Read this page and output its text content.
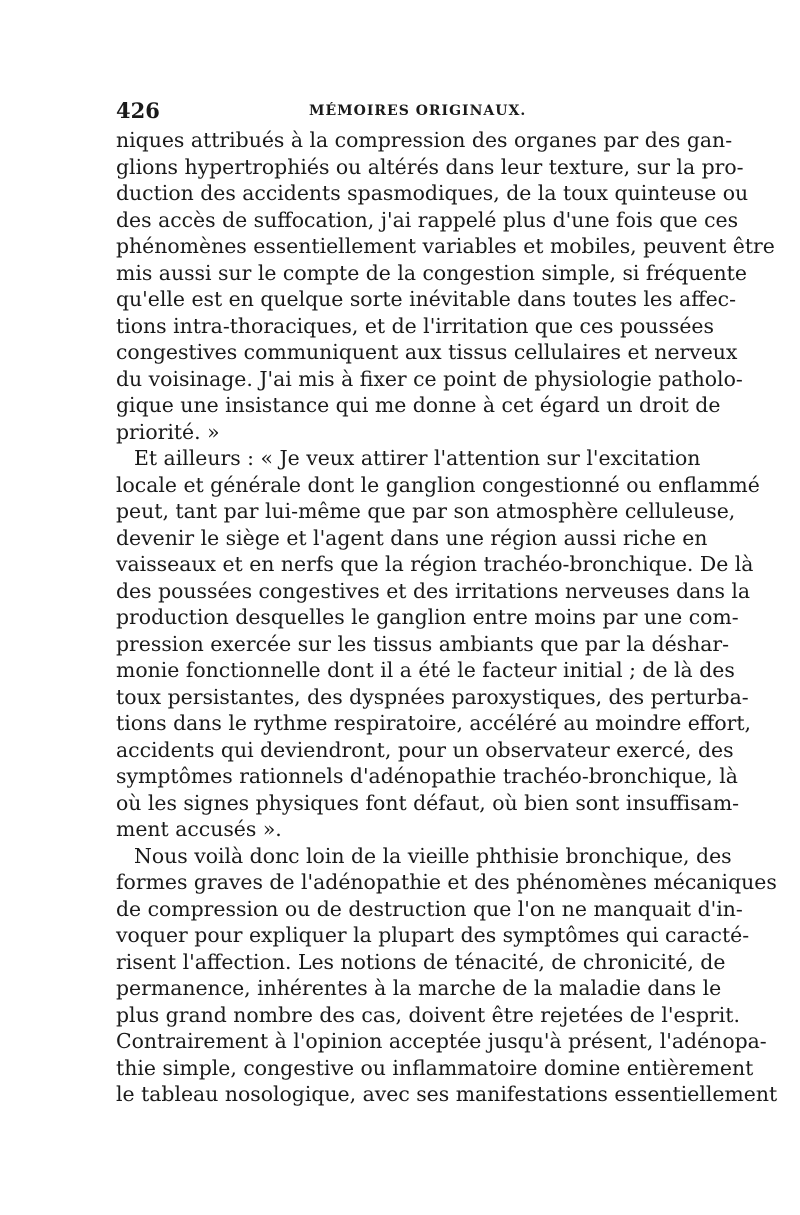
426	MÉMOIRES ORIGINAUX.
niques attribués à la compression des organes par des gan-
glions hypertrophiés ou altérés dans leur texture, sur la pro-
duction des accidents spasmodiques, de la toux quinteuse ou
des accès de suffocation, j'ai rappelé plus d'une fois que ces
phénomènes essentiellement variables et mobiles, peuvent être
mis aussi sur le compte de la congestion simple, si fréquente
qu'elle est en quelque sorte inévitable dans toutes les affec-
tions intra-thoraciques, et de l'irritation que ces poussées
congestives communiquent aux tissus cellulaires et nerveux
du voisinage. J'ai mis à fixer ce point de physiologie patholo-
gique une insistance qui me donne à cet égard un droit de
priorité. »
Et ailleurs : « Je veux attirer l'attention sur l'excitation
locale et générale dont le ganglion congestionné ou enflammé
peut, tant par lui-même que par son atmosphère celluleuse,
devenir le siège et l'agent dans une région aussi riche en
vaisseaux et en nerfs que la région trachéo-bronchique. De là
des poussées congestives et des irritations nerveuses dans la
production desquelles le ganglion entre moins par une com-
pression exercée sur les tissus ambiants que par la déshar-
monie fonctionnelle dont il a été le facteur initial ; de là des
toux persistantes, des dyspnées paroxystiques, des perturba-
tions dans le rythme respiratoire, accéléré au moindre effort,
accidents qui deviendront, pour un observateur exercé, des
symptômes rationnels d'adénopathie trachéo-bronchique, là
où les signes physiques font défaut, où bien sont insuffisam-
ment accusés ».
Nous voilà donc loin de la vieille phthisie bronchique, des
formes graves de l'adénopathie et des phénomènes mécaniques
de compression ou de destruction que l'on ne manquait d'in-
voquer pour expliquer la plupart des symptômes qui caracté-
risent l'affection. Les notions de ténacité, de chronicité, de
permanence, inhérentes à la marche de la maladie dans le
plus grand nombre des cas, doivent être rejetées de l'esprit.
Contrairement à l'opinion acceptée jusqu'à présent, l'adénopa-
thie simple, congestive ou inflammatoire domine entièrement
le tableau nosologique, avec ses manifestations essentiellement
